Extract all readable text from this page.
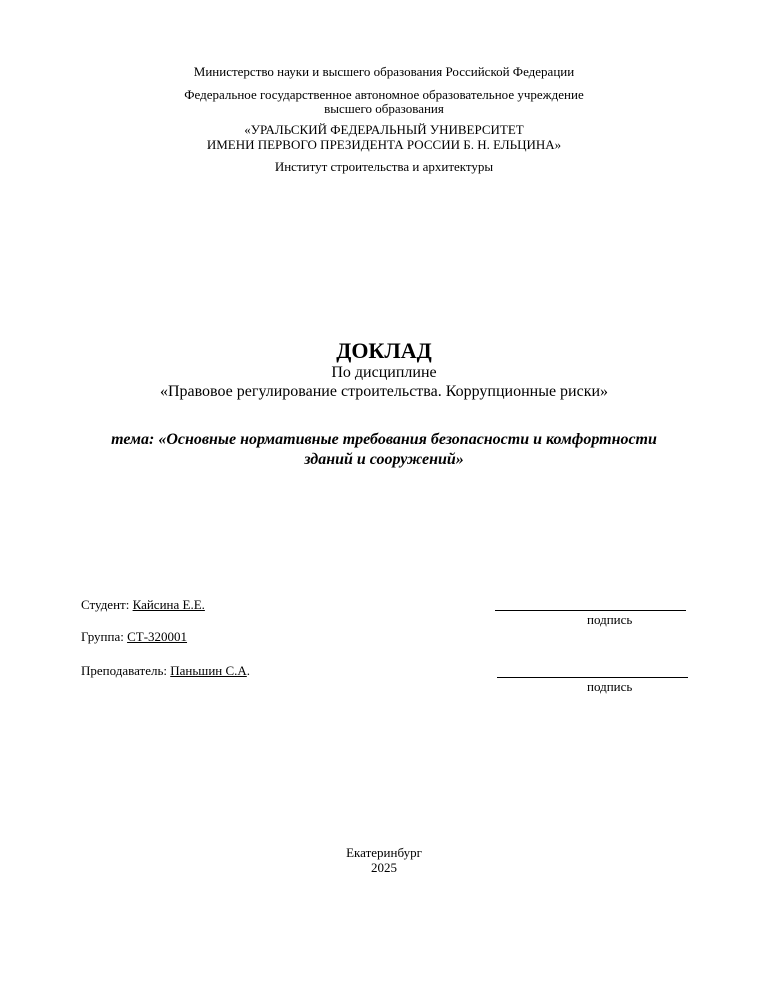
Министерство науки и высшего образования Российской Федерации
Федеральное государственное автономное образовательное учреждение
высшего образования
«УРАЛЬСКИЙ ФЕДЕРАЛЬНЫЙ УНИВЕРСИТЕТ
ИМЕНИ ПЕРВОГО ПРЕЗИДЕНТА РОССИИ Б. Н. ЕЛЬЦИНА»
Институт строительства и архитектуры
ДОКЛАД
По дисциплине
«Правовое регулирование строительства. Коррупционные риски»
тема: «Основные нормативные требования безопасности и комфортности
зданий и сооружений»
Студент: Кайсина Е.Е.
подпись
Группа: СТ-320001
Преподаватель: Паньшин С.А.
подпись
Екатеринбург
2025
